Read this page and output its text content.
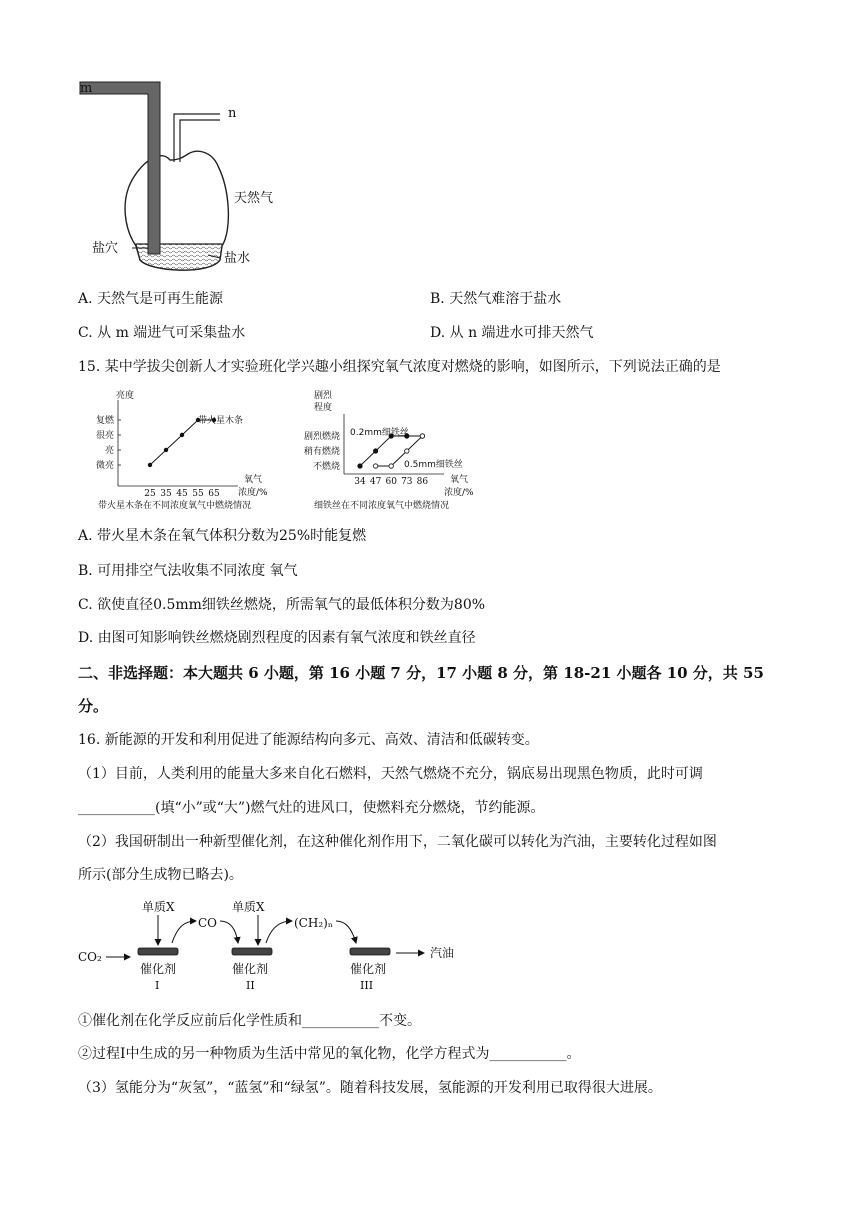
m
n
天然气
盐穴
盐水
A. 天然气是可再生能源	B. 天然气难溶于盐水
C. 从 m 端进气可采集盐水	D. 从 n 端进水可排天然气
15. 某中学拔尖创新人才实验班化学兴趣小组探究氧气浓度对燃烧的影响，如图所示，下列说法正确的是
亮度
复燃
很亮
亮
微亮
25 35 45 55 65
带火星木条
氧气
浓度/%
带火星木条在不同浓度氧气中燃烧情况
剧烈
程度
剧烈燃烧
稍有燃烧
不燃烧
34 47 60 73 86
0.2mm细铁丝
0.5mm细铁丝
氧气
浓度/%
细铁丝在不同浓度氧气中燃烧情况
A. 带火星木条在氧气体积分数为25%时能复燃
B. 可用排空气法收集不同浓度 氧气
C. 欲使直径0.5mm细铁丝燃烧，所需氧气的最低体积分数为80%
D. 由图可知影响铁丝燃烧剧烈程度的因素有氧气浓度和铁丝直径
二、非选择题：本大题共 6 小题，第 16 小题 7 分，17 小题 8 分，第 18-21 小题各 10 分，共 55
分。
16. 新能源的开发和利用促进了能源结构向多元、高效、清洁和低碳转变。
（1）目前，人类利用的能量大多来自化石燃料，天然气燃烧不充分，锅底易出现黑色物质，此时可调
___________(填“小”或“大”)燃气灶的进风口，使燃料充分燃烧，节约能源。
（2）我国研制出一种新型催化剂，在这种催化剂作用下，二氧化碳可以转化为汽油，主要转化过程如图
所示(部分生成物已略去)。
CO₂
单质X
催化剂
I
CO
单质X
催化剂
II
(CH₂)ₙ
催化剂
III
汽油
①催化剂在化学反应前后化学性质和___________不变。
②过程Ⅰ中生成的另一种物质为生活中常见的氧化物，化学方程式为___________。
（3）氢能分为“灰氢”，“蓝氢”和“绿氢”。随着科技发展，氢能源的开发利用已取得很大进展。
